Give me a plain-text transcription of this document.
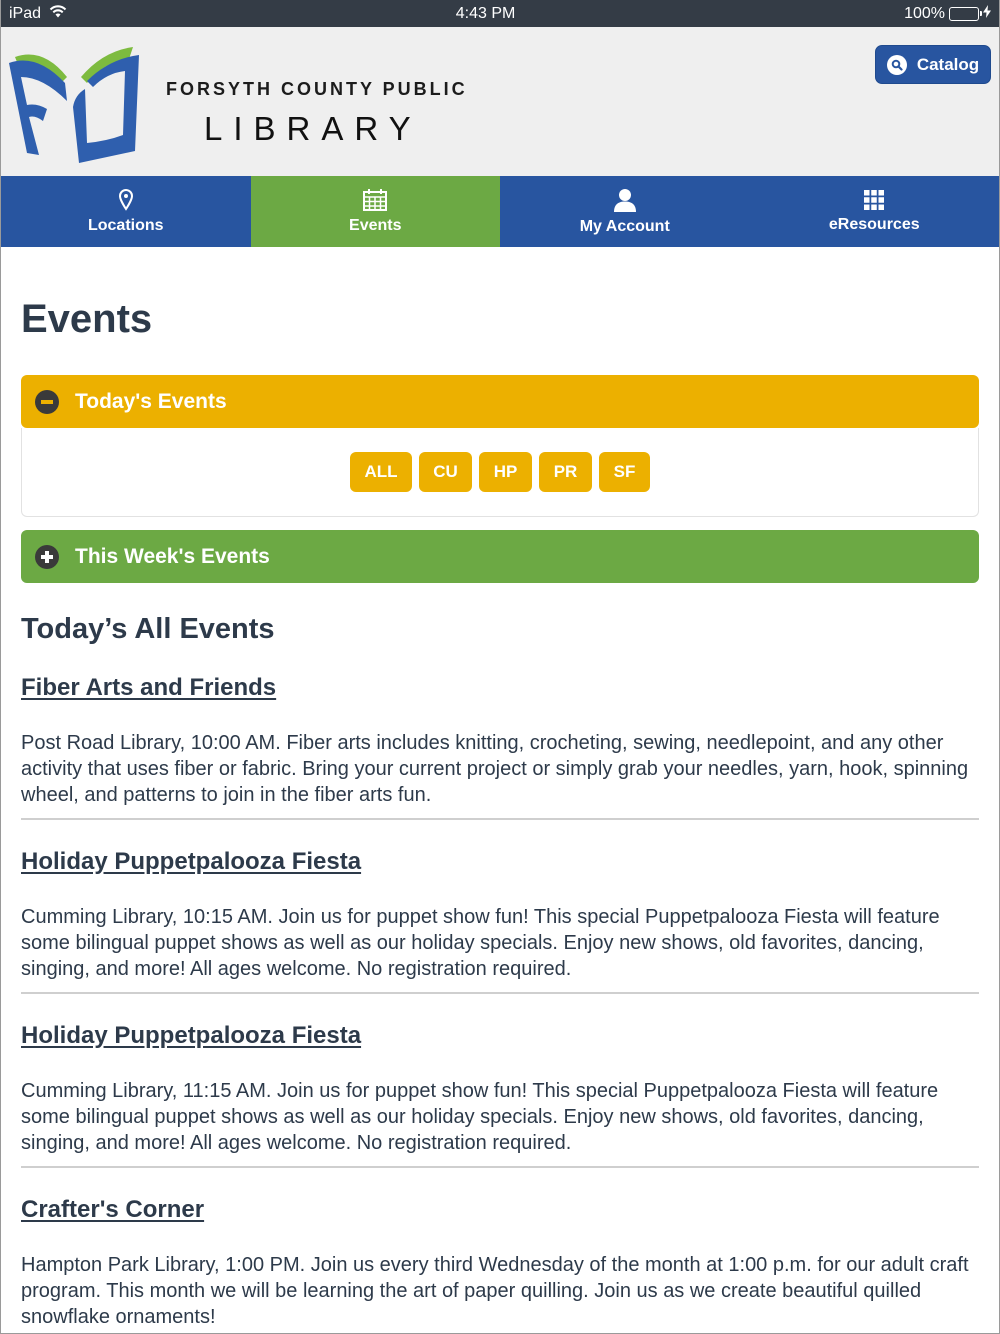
iPad	4:43 PM	100%
FORSYTH COUNTY PUBLIC
LIBRARY
Catalog
Locations	Events	My Account	eResources
Events
Today's Events
ALL	CU	HP	PR	SF
This Week's Events
Today’s All Events
Fiber Arts and Friends

Post Road Library, 10:00 AM. Fiber arts includes knitting, crocheting, sewing, needlepoint, and any other activity that uses fiber or fabric. Bring your current project or simply grab your needles, yarn, hook, spinning wheel, and patterns to join in the fiber arts fun.

Holiday Puppetpalooza Fiesta

Cumming Library, 10:15 AM. Join us for puppet show fun! This special Puppetpalooza Fiesta will feature some bilingual puppet shows as well as our holiday specials. Enjoy new shows, old favorites, dancing, singing, and more! All ages welcome. No registration required.

Holiday Puppetpalooza Fiesta

Cumming Library, 11:15 AM. Join us for puppet show fun! This special Puppetpalooza Fiesta will feature some bilingual puppet shows as well as our holiday specials. Enjoy new shows, old favorites, dancing, singing, and more! All ages welcome. No registration required.

Crafter's Corner

Hampton Park Library, 1:00 PM. Join us every third Wednesday of the month at 1:00 p.m. for our adult craft program. This month we will be learning the art of paper quilling. Join us as we create beautiful quilled snowflake ornaments!
